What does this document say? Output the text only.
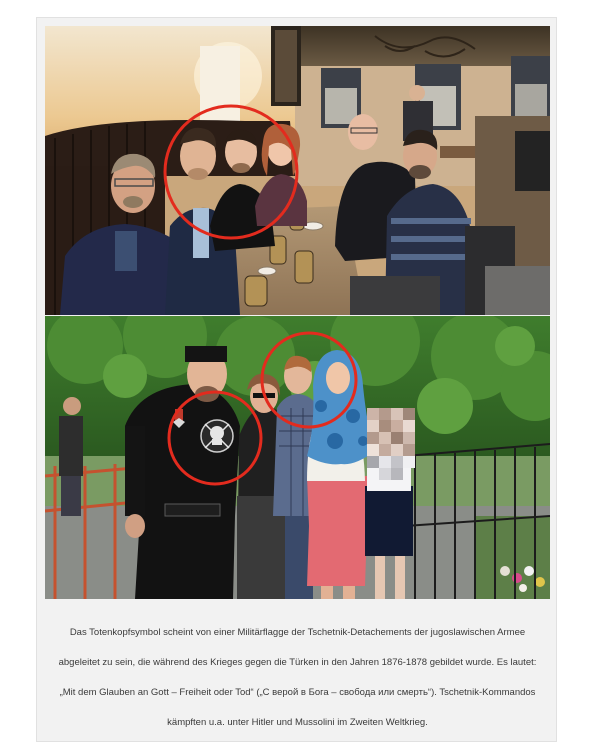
Das Totenkopfsymbol scheint von einer Militärflagge der Tschetnik-Detachements der jugoslawischen Armee abgeleitet zu sein, die während des Krieges gegen die Türken in den Jahren 1876-1878 gebildet wurde. Es lautet: „Mit dem Glauben an Gott – Freiheit oder Tod“ („С верой в Бога – свобода или смерть“). Tschetnik-Kommandos kämpften u.a. unter Hitler und Mussolini im Zweiten Weltkrieg.
